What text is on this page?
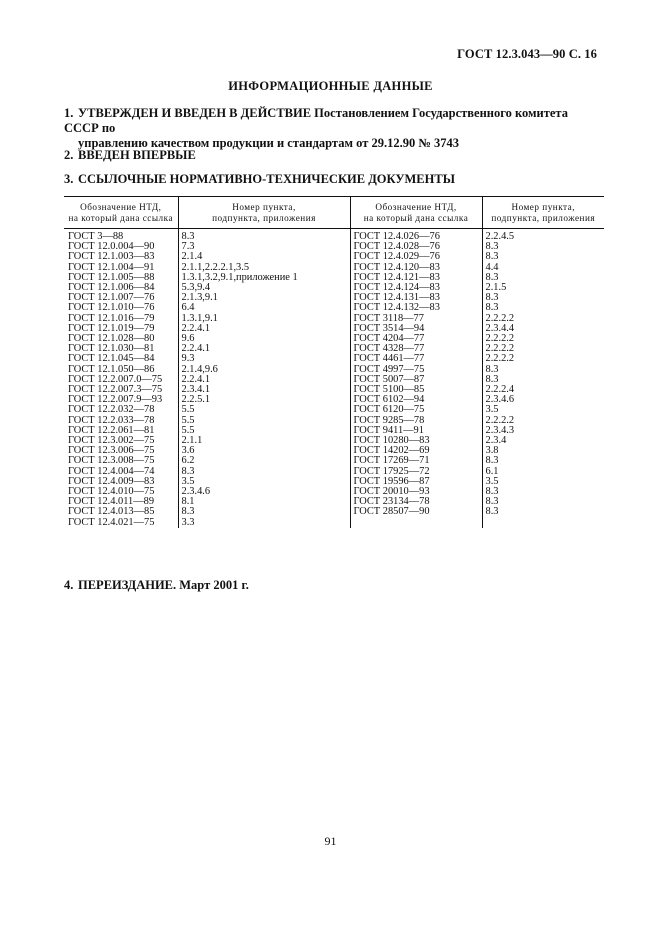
ГОСТ 12.3.043—90 С. 16
ИНФОРМАЦИОННЫЕ ДАННЫЕ
1. УТВЕРЖДЕН И ВВЕДЕН В ДЕЙСТВИЕ Постановлением Государственного комитета СССР по
управлению качеством продукции и стандартам от 29.12.90 № 3743
2. ВВЕДЕН ВПЕРВЫЕ
3. ССЫЛОЧНЫЕ НОРМАТИВНО-ТЕХНИЧЕСКИЕ ДОКУМЕНТЫ
Обозначение НТД,
на который дана ссылка	Номер пункта,
подпункта, приложения	Обозначение НТД,
на который дана ссылка	Номер пункта,
подпункта, приложения
ГОСТ 3—88	8.3	ГОСТ 12.4.026—76	2.2.4.5
ГОСТ 12.0.004—90	7.3	ГОСТ 12.4.028—76	8.3
ГОСТ 12.1.003—83	2.1.4	ГОСТ 12.4.029—76	8.3
ГОСТ 12.1.004—91	2.1.1,2.2.2.1,3.5	ГОСТ 12.4.120—83	4.4
ГОСТ 12.1.005—88	1.3.1,3.2,9.1,приложение 1	ГОСТ 12.4.121—83	8.3
ГОСТ 12.1.006—84	5.3,9.4	ГОСТ 12.4.124—83	2.1.5
ГОСТ 12.1.007—76	2.1.3,9.1	ГОСТ 12.4.131—83	8.3
ГОСТ 12.1.010—76	6.4	ГОСТ 12.4.132—83	8.3
ГОСТ 12.1.016—79	1.3.1,9.1	ГОСТ 3118—77	2.2.2.2
ГОСТ 12.1.019—79	2.2.4.1	ГОСТ 3514—94	2.3.4.4
ГОСТ 12.1.028—80	9.6	ГОСТ 4204—77	2.2.2.2
ГОСТ 12.1.030—81	2.2.4.1	ГОСТ 4328—77	2.2.2.2
ГОСТ 12.1.045—84	9.3	ГОСТ 4461—77	2.2.2.2
ГОСТ 12.1.050—86	2.1.4,9.6	ГОСТ 4997—75	8.3
ГОСТ 12.2.007.0—75	2.2.4.1	ГОСТ 5007—87	8.3
ГОСТ 12.2.007.3—75	2.3.4.1	ГОСТ 5100—85	2.2.2.4
ГОСТ 12.2.007.9—93	2.2.5.1	ГОСТ 6102—94	2.3.4.6
ГОСТ 12.2.032—78	5.5	ГОСТ 6120—75	3.5
ГОСТ 12.2.033—78	5.5	ГОСТ 9285—78	2.2.2.2
ГОСТ 12.2.061—81	5.5	ГОСТ 9411—91	2.3.4.3
ГОСТ 12.3.002—75	2.1.1	ГОСТ 10280—83	2.3.4
ГОСТ 12.3.006—75	3.6	ГОСТ 14202—69	3.8
ГОСТ 12.3.008—75	6.2	ГОСТ 17269—71	8.3
ГОСТ 12.4.004—74	8.3	ГОСТ 17925—72	6.1
ГОСТ 12.4.009—83	3.5	ГОСТ 19596—87	3.5
ГОСТ 12.4.010—75	2.3.4.6	ГОСТ 20010—93	8.3
ГОСТ 12.4.011—89	8.1	ГОСТ 23134—78	8.3
ГОСТ 12.4.013—85	8.3	ГОСТ 28507—90	8.3
ГОСТ 12.4.021—75	3.3		
4. ПЕРЕИЗДАНИЕ. Март 2001 г.
91
